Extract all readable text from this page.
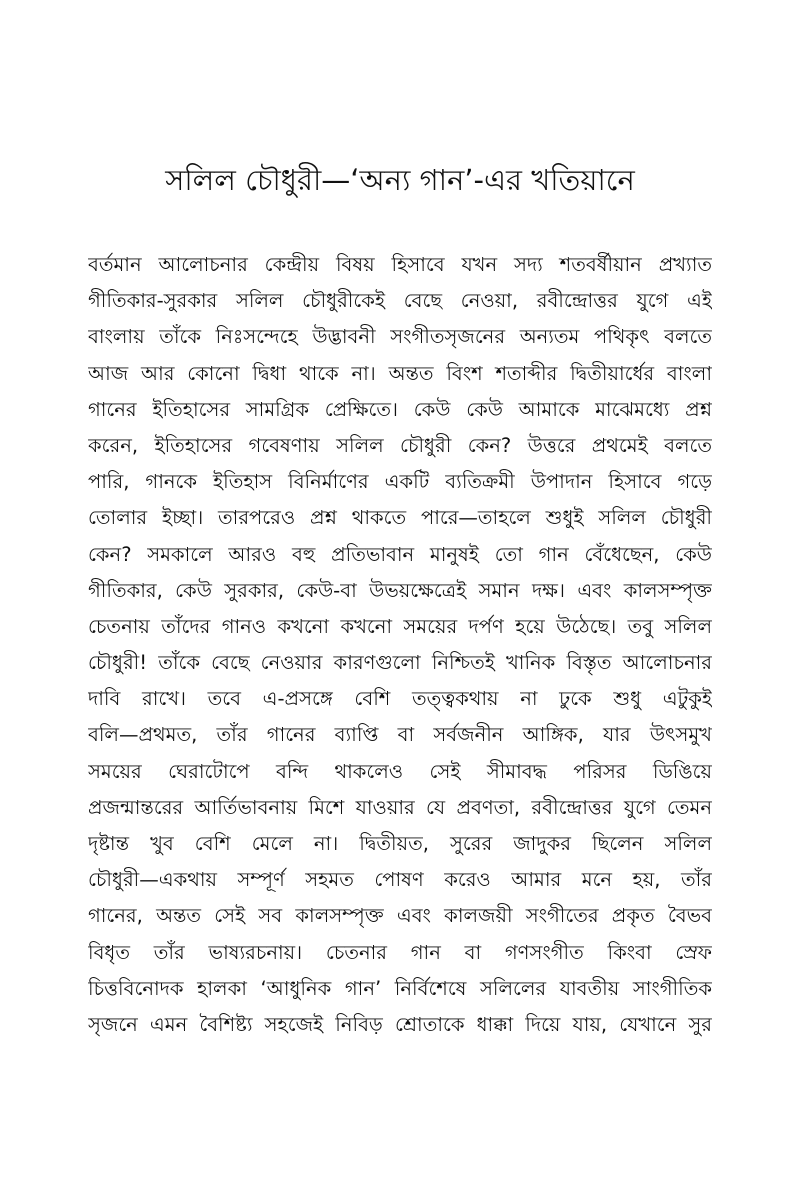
সলিল চৌধুরী—‘অন্য গান’-এর খতিয়ানে
বর্তমান আলোচনার কেন্দ্রীয় বিষয় হিসাবে যখন সদ্য শতবর্ষীয়ান প্রখ্যাত
গীতিকার-সুরকার সলিল চৌধুরীকেই বেছে নেওয়া, রবীন্দ্রোত্তর যুগে এই
বাংলায় তাঁকে নিঃসন্দেহে উদ্ভাবনী সংগীতসৃজনের অন্যতম পথিকৃৎ বলতে
আজ আর কোনো দ্বিধা থাকে না। অন্তত বিংশ শতাব্দীর দ্বিতীয়ার্ধের বাংলা
গানের ইতিহাসের সামগ্রিক প্রেক্ষিতে। কেউ কেউ আমাকে মাঝেমধ্যে প্রশ্ন
করেন, ইতিহাসের গবেষণায় সলিল চৌধুরী কেন? উত্তরে প্রথমেই বলতে
পারি, গানকে ইতিহাস বিনির্মাণের একটি ব্যতিক্রমী উপাদান হিসাবে গড়ে
তোলার ইচ্ছা। তারপরেও প্রশ্ন থাকতে পারে—তাহলে শুধুই সলিল চৌধুরী
কেন? সমকালে আরও বহু প্রতিভাবান মানুষই তো গান বেঁধেছেন, কেউ
গীতিকার, কেউ সুরকার, কেউ-বা উভয়ক্ষেত্রেই সমান দক্ষ। এবং কালসম্পৃক্ত
চেতনায় তাঁদের গানও কখনো কখনো সময়ের দর্পণ হয়ে উঠেছে। তবু সলিল
চৌধুরী! তাঁকে বেছে নেওয়ার কারণগুলো নিশ্চিতই খানিক বিস্তৃত আলোচনার
দাবি রাখে। তবে এ-প্রসঙ্গে বেশি তত্ত্বকথায় না ঢুকে শুধু এটুকুই
বলি—প্রথমত, তাঁর গানের ব্যাপ্তি বা সর্বজনীন আঙ্গিক, যার উৎসমুখ
সময়ের ঘেরাটোপে বন্দি থাকলেও সেই সীমাবদ্ধ পরিসর ডিঙিয়ে
প্রজন্মান্তরের আর্তিভাবনায় মিশে যাওয়ার যে প্রবণতা, রবীন্দ্রোত্তর যুগে তেমন
দৃষ্টান্ত খুব বেশি মেলে না। দ্বিতীয়ত, সুরের জাদুকর ছিলেন সলিল
চৌধুরী—একথায় সম্পূর্ণ সহমত পোষণ করেও আমার মনে হয়, তাঁর
গানের, অন্তত সেই সব কালসম্পৃক্ত এবং কালজয়ী সংগীতের প্রকৃত বৈভব
বিধৃত তাঁর ভাষ্যরচনায়। চেতনার গান বা গণসংগীত কিংবা স্রেফ
চিত্তবিনোদক হালকা ‘আধুনিক গান’ নির্বিশেষে সলিলের যাবতীয় সাংগীতিক
সৃজনে এমন বৈশিষ্ট্য সহজেই নিবিড় শ্রোতাকে ধাক্কা দিয়ে যায়, যেখানে সুর
